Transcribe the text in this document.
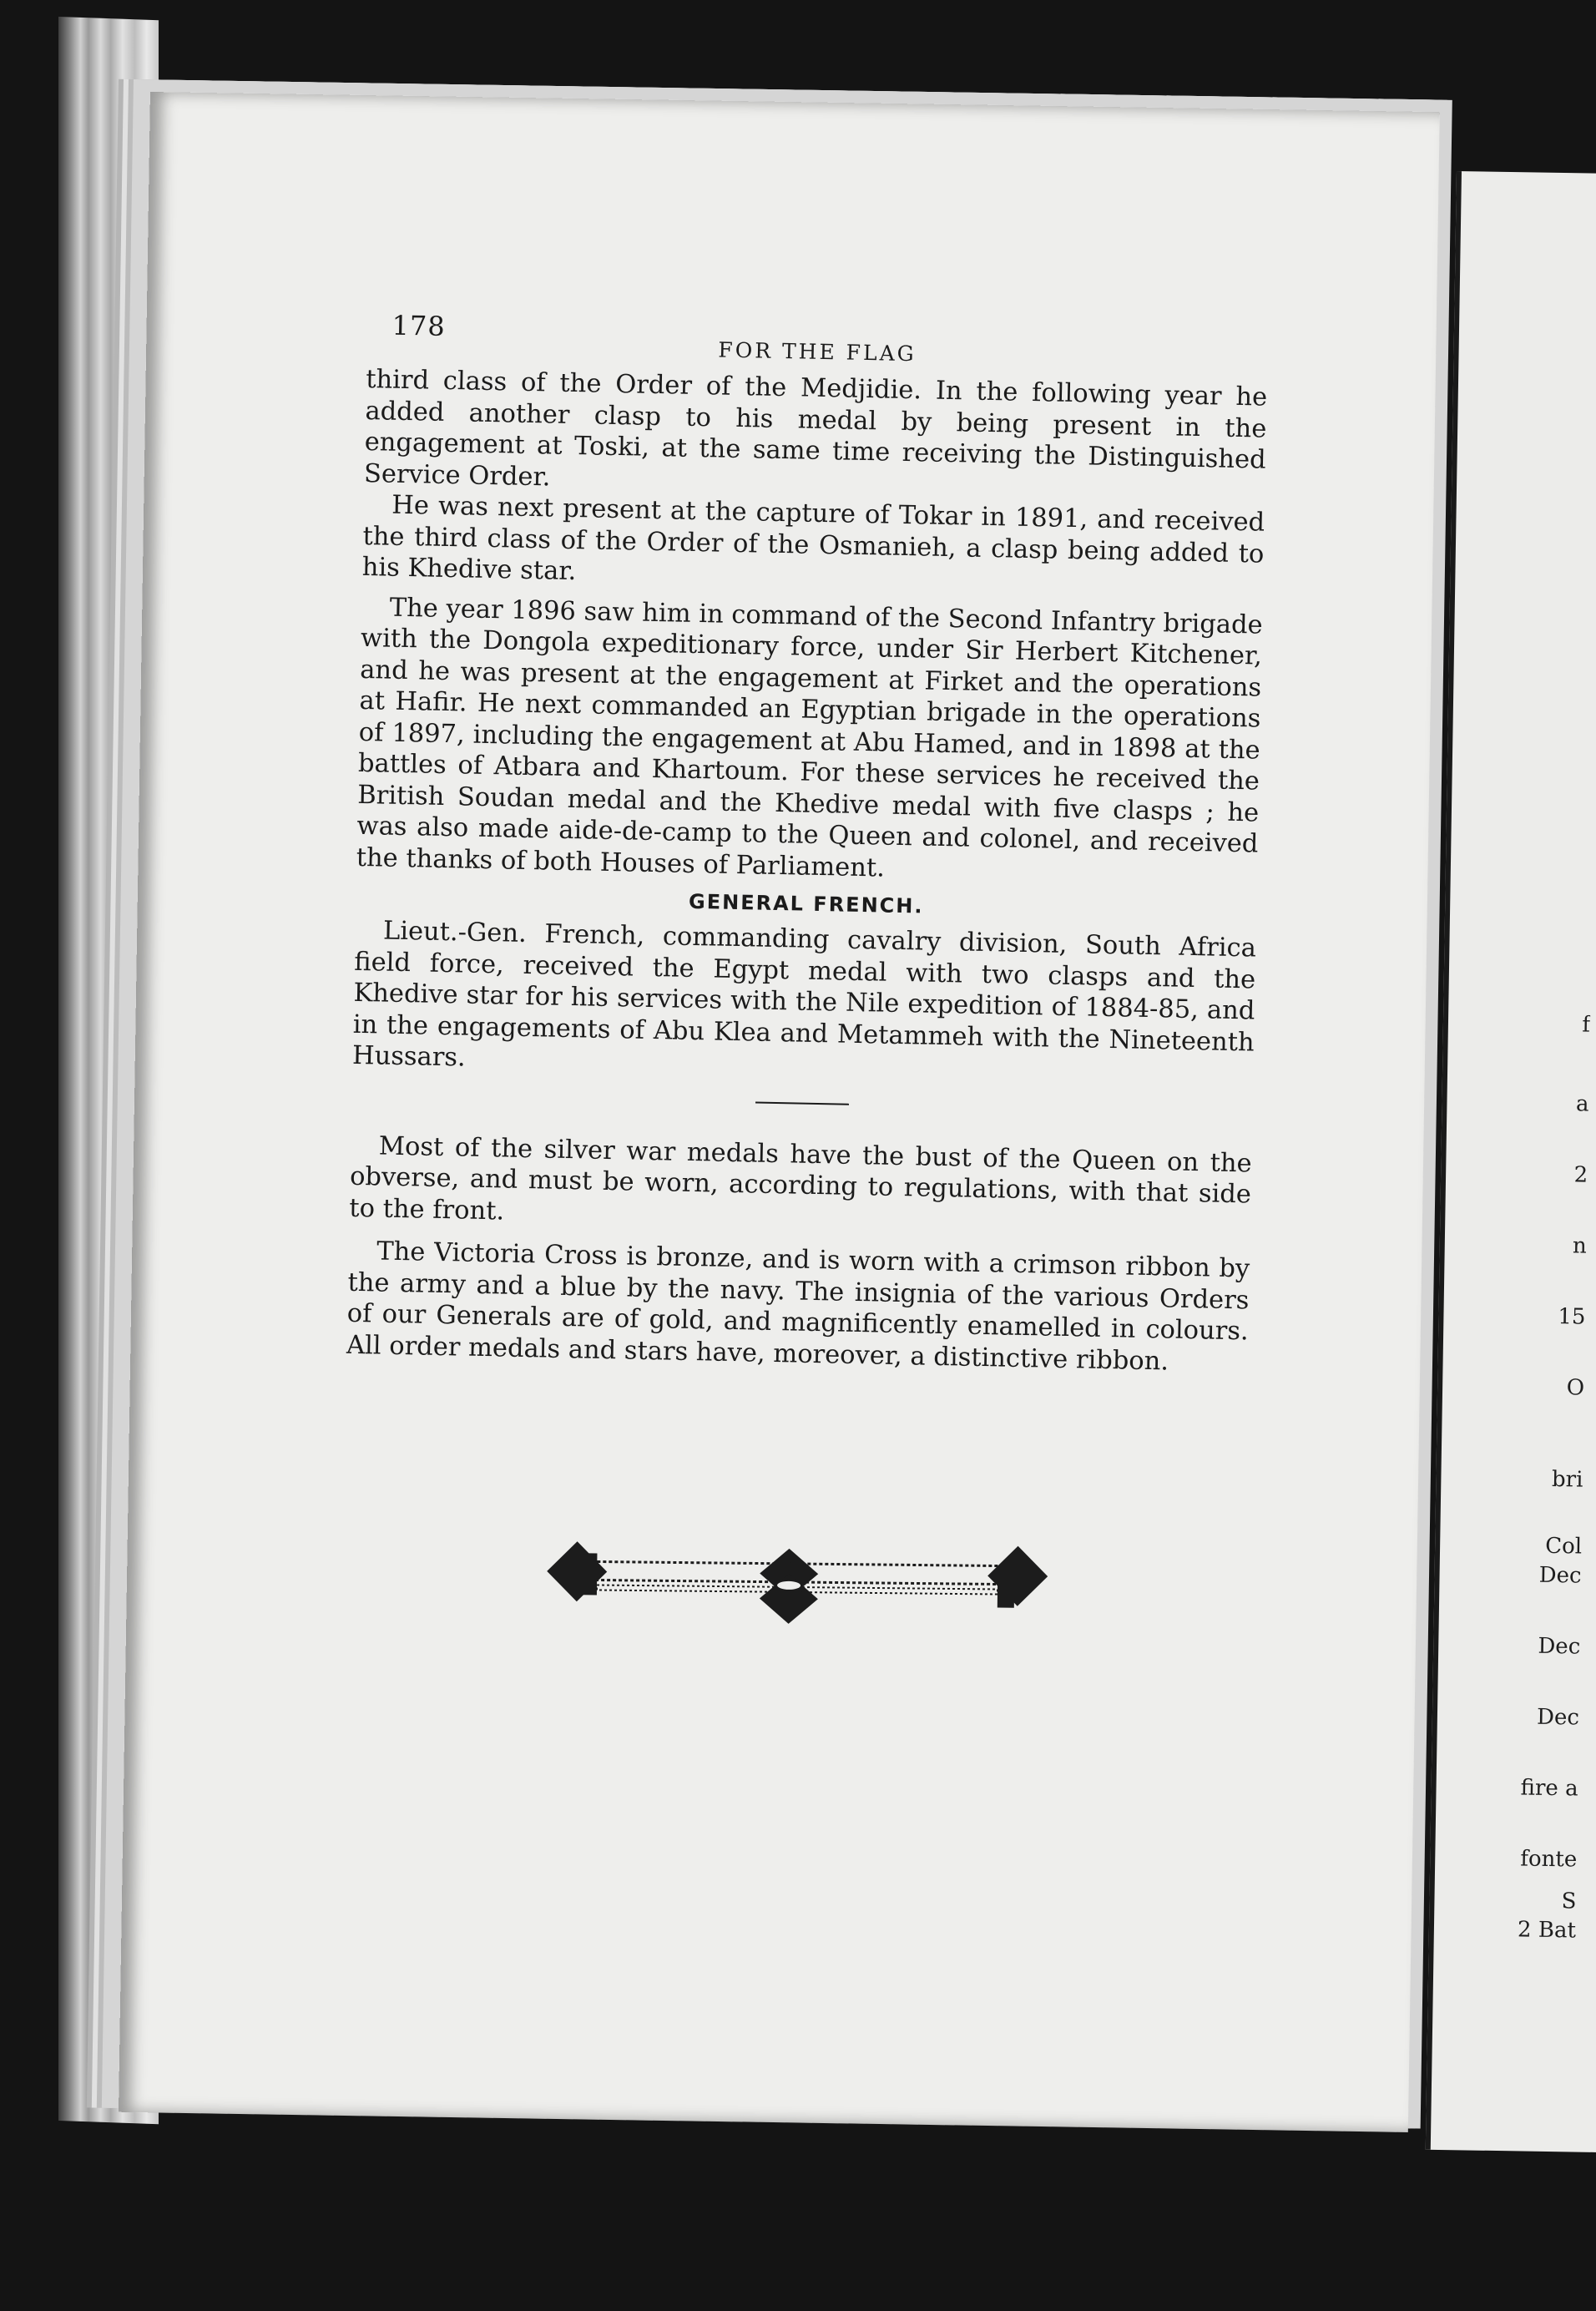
f
a
2
n
15
O
bri
Col
Dec
Dec
Dec
fire a
fonte
S
2 Bat
178
FOR THE FLAG

third class of the Order of the Medjidie. In the following year he added another clasp to his medal by being present in the engagement at Toski, at the same time receiving the Distinguished Service Order.

He was next present at the capture of Tokar in 1891, and received the third class of the Order of the Osmanieh, a clasp being added to his Khedive star.

The year 1896 saw him in command of the Second Infantry brigade with the Dongola expeditionary force, under Sir Herbert Kitchener, and he was present at the engagement at Firket and the operations at Hafir. He next commanded an Egyptian brigade in the operations of 1897, including the engagement at Abu Hamed, and in 1898 at the battles of Atbara and Khartoum. For these services he received the British Soudan medal and the Khedive medal with five clasps ; he was also made aide-de-camp to the Queen and colonel, and received the thanks of both Houses of Parliament.

GENERAL FRENCH.

Lieut.-Gen. French, commanding cavalry division, South Africa field force, received the Egypt medal with two clasps and the Khedive star for his services with the Nile expedition of 1884-85, and in the engagements of Abu Klea and Metammeh with the Nineteenth Hussars.

Most of the silver war medals have the bust of the Queen on the obverse, and must be worn, according to regulations, with that side to the front.

The Victoria Cross is bronze, and is worn with a crimson ribbon by the army and a blue by the navy. The insignia of the various Orders of our Generals are of gold, and magnificently enamelled in colours. All order medals and stars have, moreover, a distinctive ribbon.
